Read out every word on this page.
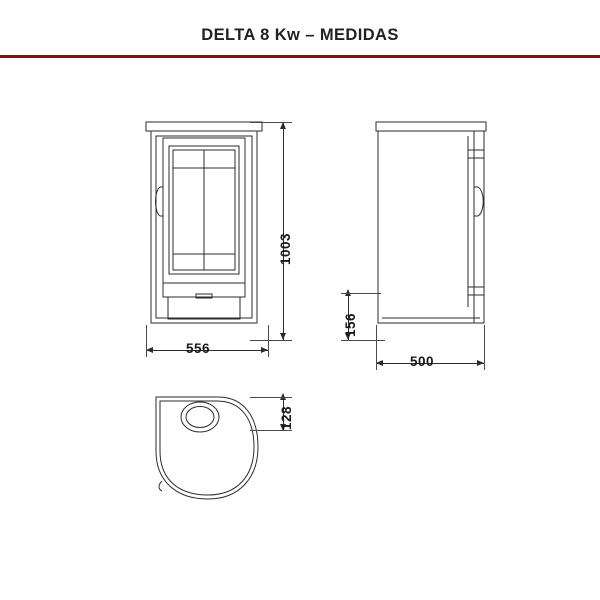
DELTA 8 Kw – MEDIDAS
1003
556
156
500
128
